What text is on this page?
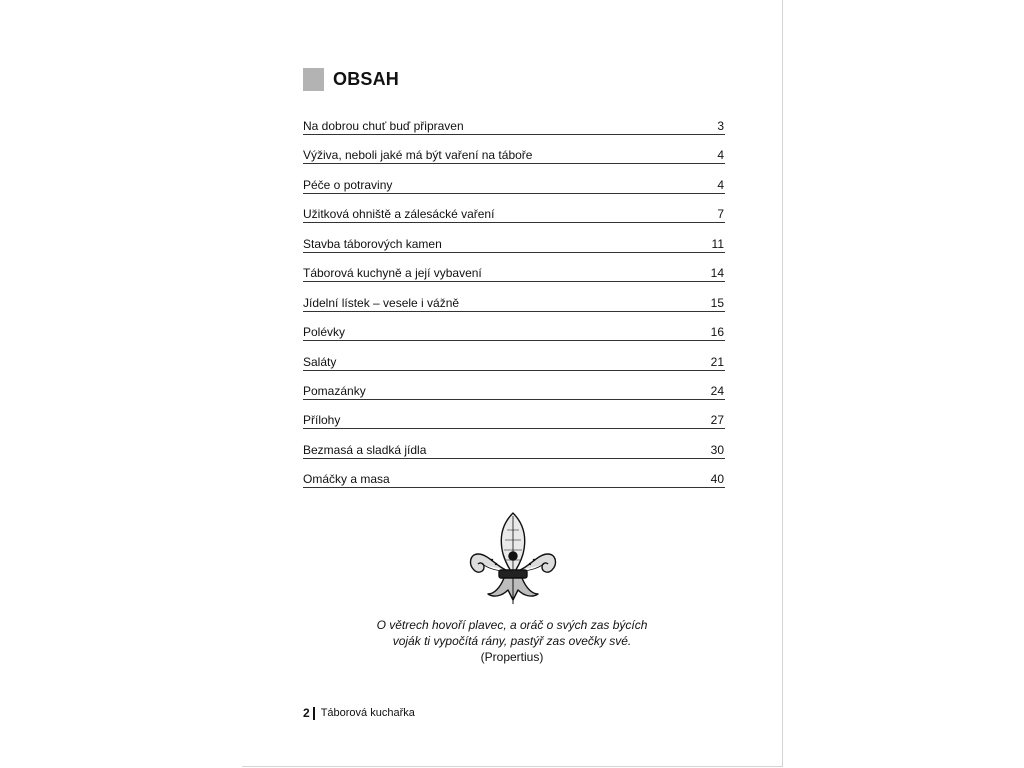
OBSAH
Na dobrou chuť buď připraven	3
Výživa, neboli jaké má být vaření na táboře	4
Péče o potraviny	4
Užitková ohniště a zálesácké vaření	7
Stavba táborových kamen	11
Táborová kuchyně a její vybavení	14
Jídelní lístek – vesele i vážně	15
Polévky	16
Saláty	21
Pomazánky	24
Přílohy	27
Bezmasá a sladká jídla	30
Omáčky a masa	40
O větrech hovoří plavec, a oráč o svých zas býcích
voják ti vypočítá rány, pastýř zas ovečky své.
(Propertius)
2 Táborová kuchařka
